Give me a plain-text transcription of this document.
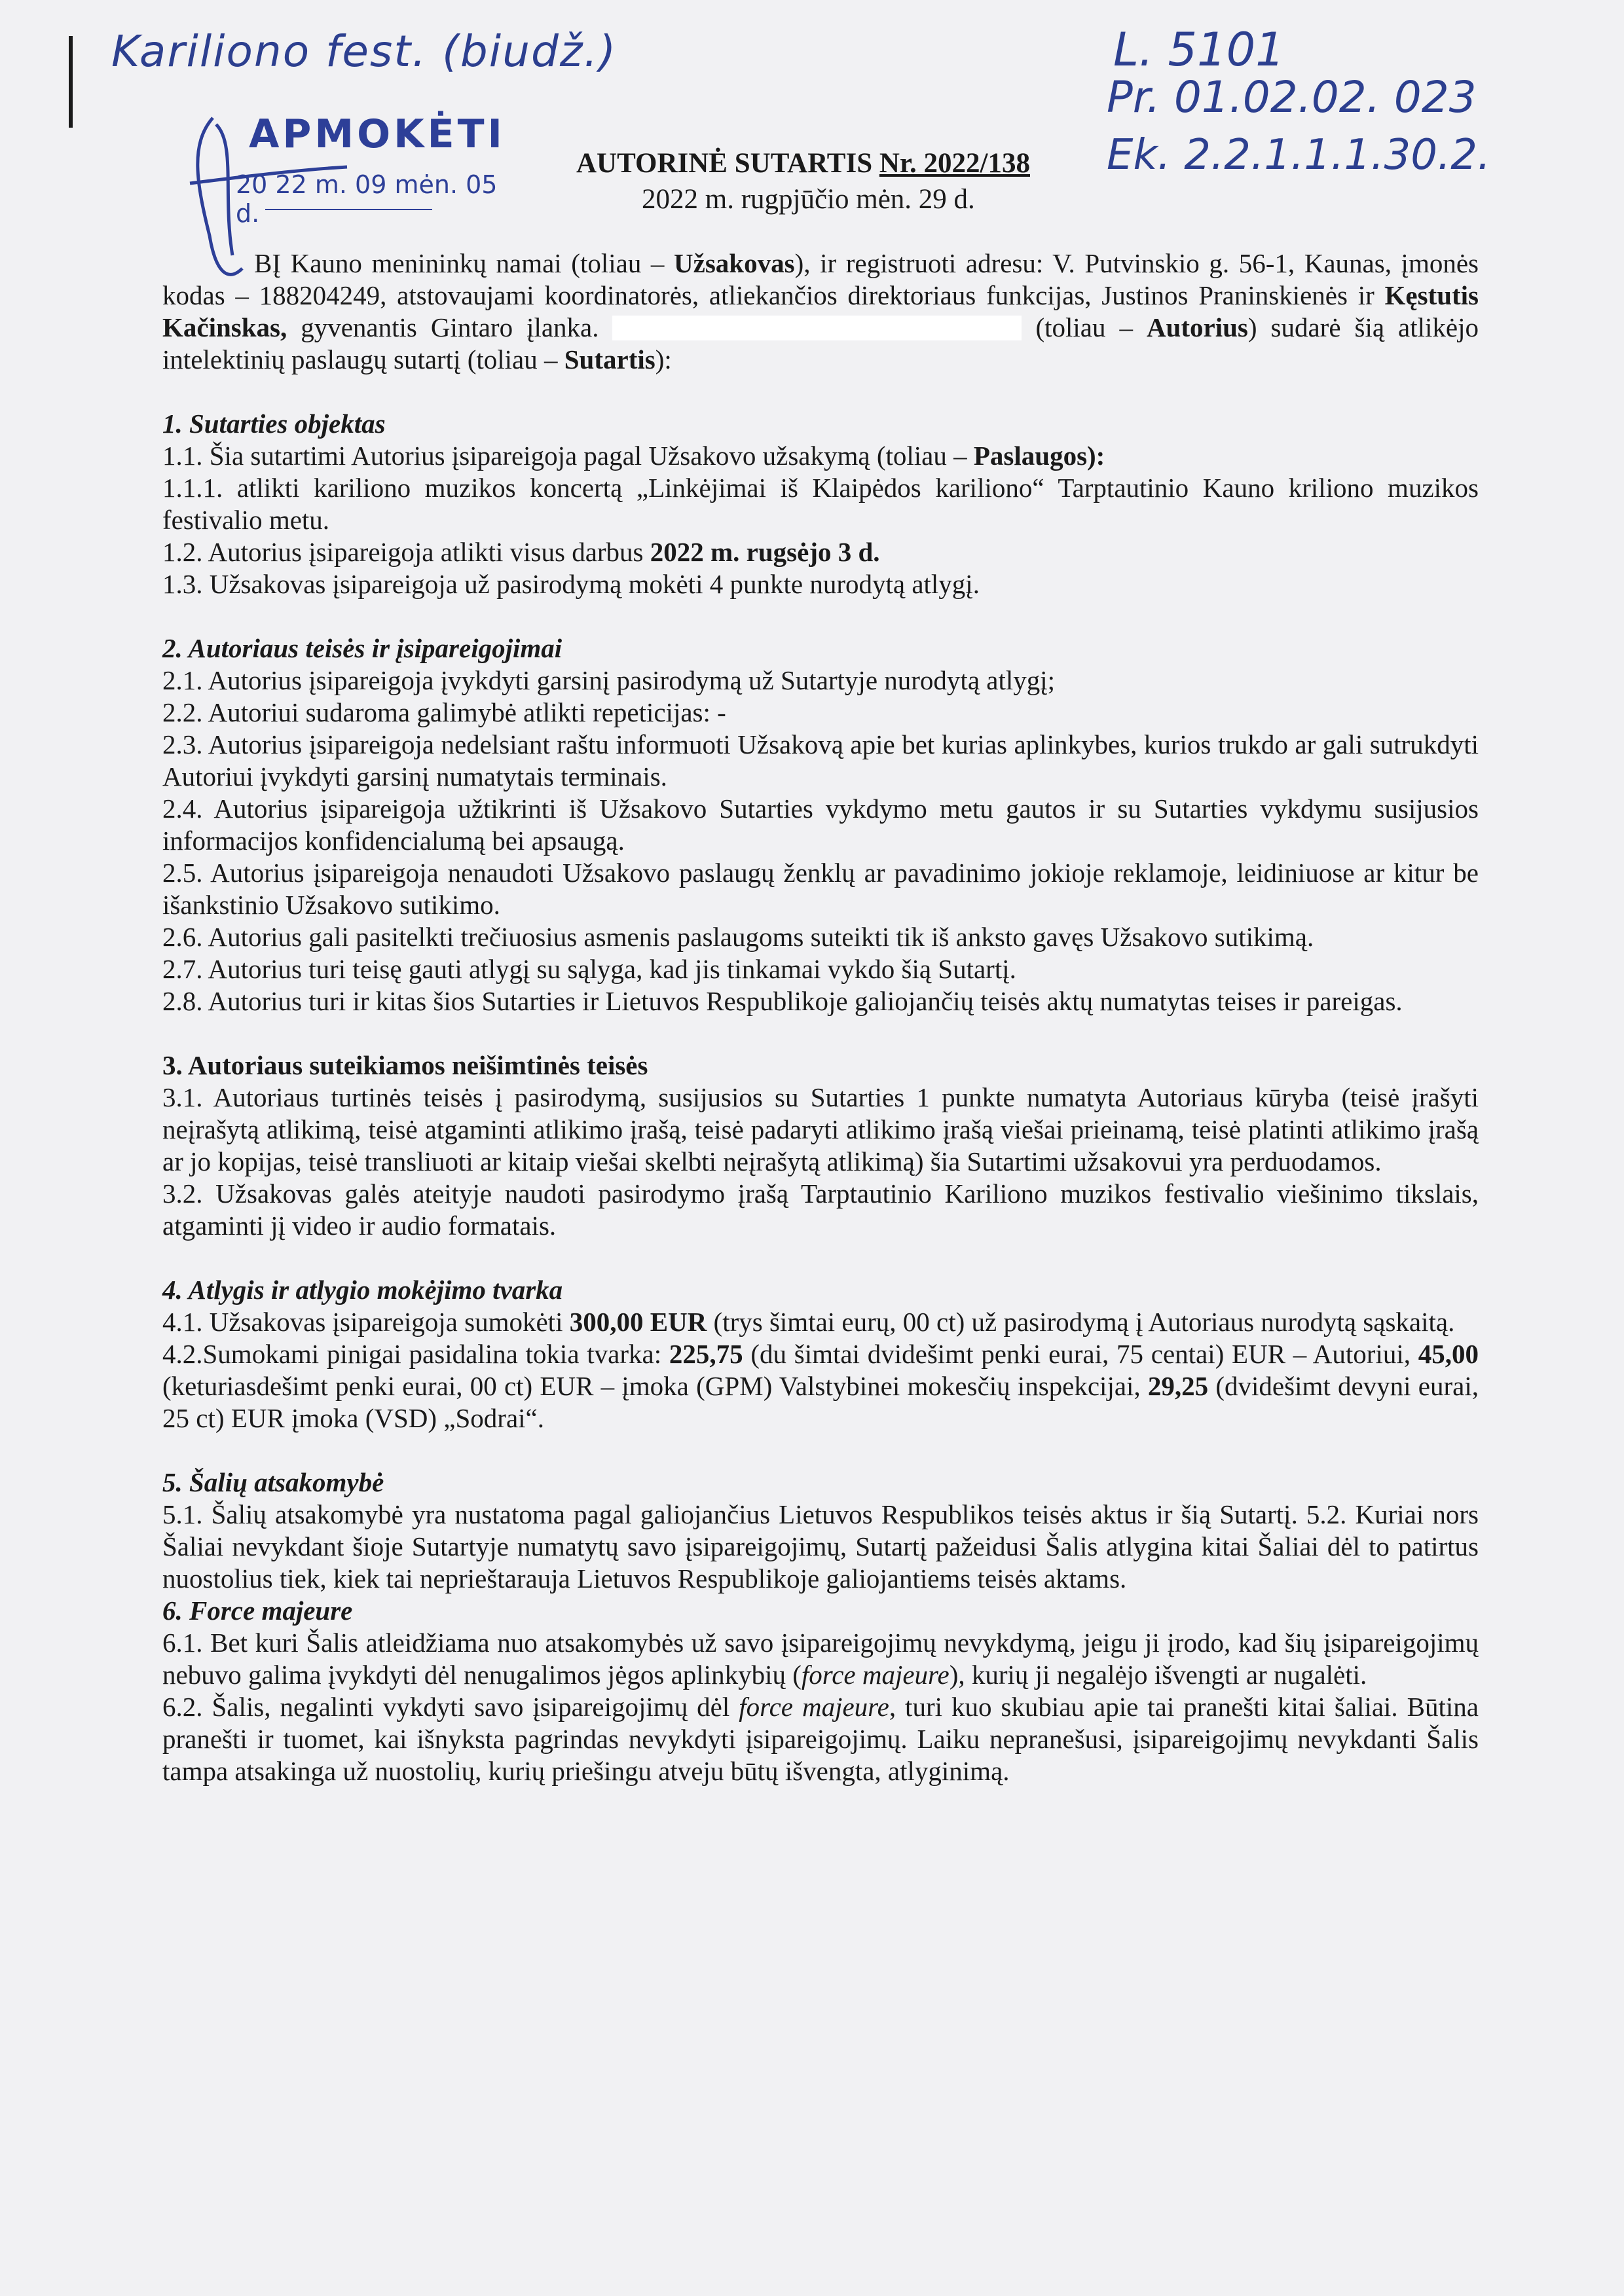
Kariliono fest. (biudž.)	L. 5101
Pr. 01.02.02. 023
Ek. 2.2.1.1.1.30.2.
APMOKĖTI
20 22 m. 09 mėn. 05 d.
AUTORINĖ SUTARTIS Nr. 2022/138
2022 m. rugpjūčio mėn. 29 d.

BĮ Kauno menininkų namai (toliau – Užsakovas), ir registruoti adresu: V. Putvinskio g. 56-1, Kaunas, įmonės kodas – 188204249, atstovaujami koordinatorės, atliekančios direktoriaus funkcijas, Justinos Praninskienės ir Kęstutis Kačinskas, gyvenantis Gintaro įlanka.	(toliau – Autorius) sudarė šią atlikėjo intelektinių paslaugų sutartį (toliau – Sutartis):

1. Sutarties objektas

1.1. Šia sutartimi Autorius įsipareigoja pagal Užsakovo užsakymą (toliau – Paslaugos):

1.1.1. atlikti kariliono muzikos koncertą „Linkėjimai iš Klaipėdos kariliono“ Tarptautinio Kauno kriliono muzikos festivalio metu.

1.2. Autorius įsipareigoja atlikti visus darbus 2022 m. rugsėjo 3 d.

1.3. Užsakovas įsipareigoja už pasirodymą mokėti 4 punkte nurodytą atlygį.

2. Autoriaus teisės ir įsipareigojimai

2.1. Autorius įsipareigoja įvykdyti garsinį pasirodymą už Sutartyje nurodytą atlygį;

2.2. Autoriui sudaroma galimybė atlikti repeticijas: -

2.3. Autorius įsipareigoja nedelsiant raštu informuoti Užsakovą apie bet kurias aplinkybes, kurios trukdo ar gali sutrukdyti Autoriui įvykdyti garsinį numatytais terminais.

2.4. Autorius įsipareigoja užtikrinti iš Užsakovo Sutarties vykdymo metu gautos ir su Sutarties vykdymu susijusios informacijos konfidencialumą bei apsaugą.

2.5. Autorius įsipareigoja nenaudoti Užsakovo paslaugų ženklų ar pavadinimo jokioje reklamoje, leidiniuose ar kitur be išankstinio Užsakovo sutikimo.

2.6. Autorius gali pasitelkti trečiuosius asmenis paslaugoms suteikti tik iš anksto gavęs Užsakovo sutikimą.

2.7. Autorius turi teisę gauti atlygį su sąlyga, kad jis tinkamai vykdo šią Sutartį.

2.8. Autorius turi ir kitas šios Sutarties ir Lietuvos Respublikoje galiojančių teisės aktų numatytas teises ir pareigas.

3. Autoriaus suteikiamos neišimtinės teisės

3.1. Autoriaus turtinės teisės į pasirodymą, susijusios su Sutarties 1 punkte numatyta Autoriaus kūryba (teisė įrašyti neįrašytą atlikimą, teisė atgaminti atlikimo įrašą, teisė padaryti atlikimo įrašą viešai prieinamą, teisė platinti atlikimo įrašą ar jo kopijas, teisė transliuoti ar kitaip viešai skelbti neįrašytą atlikimą) šia Sutartimi užsakovui yra perduodamos.

3.2. Užsakovas galės ateityje naudoti pasirodymo įrašą Tarptautinio Kariliono muzikos festivalio viešinimo tikslais, atgaminti jį video ir audio formatais.

4. Atlygis ir atlygio mokėjimo tvarka

4.1. Užsakovas įsipareigoja sumokėti 300,00 EUR (trys šimtai eurų, 00 ct) už pasirodymą į Autoriaus nurodytą sąskaitą.

4.2.Sumokami pinigai pasidalina tokia tvarka: 225,75 (du šimtai dvidešimt penki eurai, 75 centai) EUR – Autoriui, 45,00 (keturiasdešimt penki eurai, 00 ct) EUR – įmoka (GPM) Valstybinei mokesčių inspekcijai, 29,25 (dvidešimt devyni eurai, 25 ct) EUR įmoka (VSD) „Sodrai“.

5. Šalių atsakomybė

5.1. Šalių atsakomybė yra nustatoma pagal galiojančius Lietuvos Respublikos teisės aktus ir šią Sutartį. 5.2. Kuriai nors Šaliai nevykdant šioje Sutartyje numatytų savo įsipareigojimų, Sutartį pažeidusi Šalis atlygina kitai Šaliai dėl to patirtus nuostolius tiek, kiek tai neprieštarauja Lietuvos Respublikoje galiojantiems teisės aktams.

6. Force majeure

6.1. Bet kuri Šalis atleidžiama nuo atsakomybės už savo įsipareigojimų nevykdymą, jeigu ji įrodo, kad šių įsipareigojimų nebuvo galima įvykdyti dėl nenugalimos jėgos aplinkybių (force majeure), kurių ji negalėjo išvengti ar nugalėti.

6.2. Šalis, negalinti vykdyti savo įsipareigojimų dėl force majeure, turi kuo skubiau apie tai pranešti kitai šaliai. Būtina pranešti ir tuomet, kai išnyksta pagrindas nevykdyti įsipareigojimų. Laiku nepranešusi, įsipareigojimų nevykdanti Šalis tampa atsakinga už nuostolių, kurių priešingu atveju būtų išvengta, atlyginimą.
